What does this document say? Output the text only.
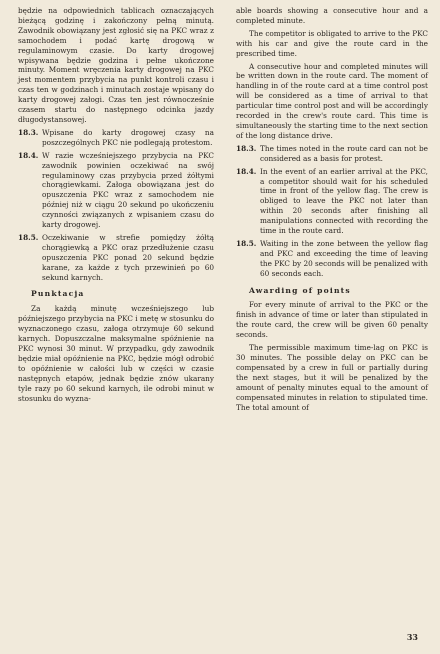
będzie na odpowiednich tablicach oznaczających bieżącą godzinę i zakończony pełną minutą. Zawodnik obowiązany jest zgłosić się na PKC wraz z samochodem i podać kartę drogową w regulaminowym czasie. Do karty drogowej wpisywana będzie godzina i pełne ukończone minuty. Moment wręczenia karty drogowej na PKC jest momentem przybycia na punkt kontroli czasu i czas ten w godzinach i minutach zostaje wpisany do karty drogowej załogi. Czas ten jest równocześnie czasem startu do następnego odcinka jazdy długodystansowej.

18.3. Wpisane do karty drogowej czasy na poszczególnych PKC nie podlegają protestom.
18.4. W razie wcześniejszego przybycia na PKC zawodnik powinien oczekiwać na swój regulaminowy czas przybycia przed żółtymi chorągiewkami. Załoga obowiązana jest do opuszczenia PKC wraz z samochodem nie później niż w ciągu 20 sekund po ukończeniu czynności związanych z wpisaniem czasu do karty drogowej.
18.5. Oczekiwanie w strefie pomiędzy żółtą chorągiewką a PKC oraz przedłużenie czasu opuszczenia PKC ponad 20 sekund będzie karane, za każde z tych przewinień po 60 sekund karnych.
Punktacja

Za każdą minutę wcześniejszego lub późniejszego przybycia na PKC i metę w stosunku do wyznaczonego czasu, załoga otrzymuje 60 sekund karnych. Dopuszczalne maksymalne spóźnienie na PKC wynosi 30 minut. W przypadku, gdy zawodnik będzie miał opóźnienie na PKC, będzie mógł odrobić to opóźnienie w całości lub w części w czasie następnych etapów, jednak będzie znów ukarany tyle razy po 60 sekund karnych, ile odrobi minut w stosunku do wyzna-

able boards showing a consecutive hour and a completed minute.

The competitor is obligated to arrive to the PKC with his car and give the route card in the prescribed time.

A consecutive hour and completed minutes will be written down in the route card. The moment of handling in of the route card at a time control post will be considered as a time of arrival to that particular time control post and will be accordingly recorded in the crew's route card. This time is simultaneously the starting time to the next section of the long distance drive.

18.3. The times noted in the route card can not be considered as a basis for protest.
18.4. In the event of an earlier arrival at the PKC, a competitor should wait for his scheduled time in front of the yellow flag. The crew is obliged to leave the PKC not later than within 20 seconds after finishing all manipulations connected with recording the time in the route card.
18.5. Waiting in the zone between the yellow flag and PKC and exceeding the time of leaving the PKC by 20 seconds will be penalized with 60 seconds each.
Awarding of points

For every minute of arrival to the PKC or the finish in advance of time or later than stipulated in the route card, the crew will be given 60 penalty seconds.

The permissible maximum time-lag on PKC is 30 minutes. The possible delay on PKC can be compensated by a crew in full or partially during the next stages, but it will be penalized by the amount of penalty minutes equal to the amount of compensated minutes in relation to stipulated time. The total amount of

33
